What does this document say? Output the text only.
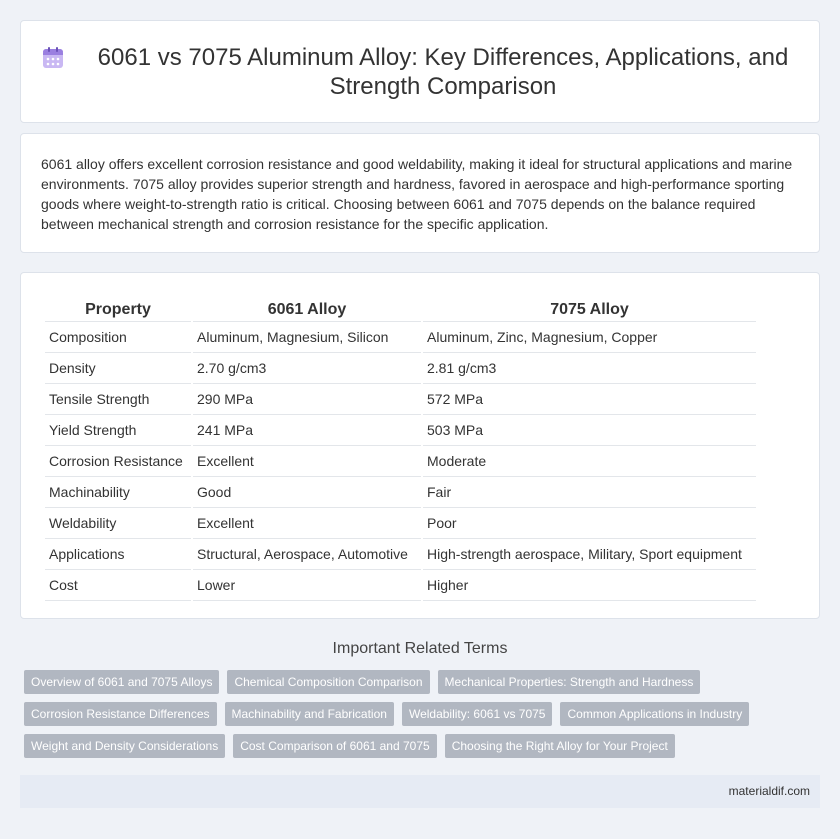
6061 vs 7075 Aluminum Alloy: Key Differences, Applications, and Strength Comparison

6061 alloy offers excellent corrosion resistance and good weldability, making it ideal for structural applications and marine environments. 7075 alloy provides superior strength and hardness, favored in aerospace and high-performance sporting goods where weight-to-strength ratio is critical. Choosing between 6061 and 7075 depends on the balance required between mechanical strength and corrosion resistance for the specific application.

Property	6061 Alloy	7075 Alloy
Composition	Aluminum, Magnesium, Silicon	Aluminum, Zinc, Magnesium, Copper
Density	2.70 g/cm3	2.81 g/cm3
Tensile Strength	290 MPa	572 MPa
Yield Strength	241 MPa	503 MPa
Corrosion Resistance	Excellent	Moderate
Machinability	Good	Fair
Weldability	Excellent	Poor
Applications	Structural, Aerospace, Automotive	High-strength aerospace, Military, Sport equipment
Cost	Lower	Higher
Important Related Terms
Overview of 6061 and 7075 Alloys	Chemical Composition Comparison	Mechanical Properties: Strength and Hardness
Corrosion Resistance Differences	Machinability and Fabrication	Weldability: 6061 vs 7075	Common Applications in Industry
Weight and Density Considerations	Cost Comparison of 6061 and 7075	Choosing the Right Alloy for Your Project
materialdif.com
